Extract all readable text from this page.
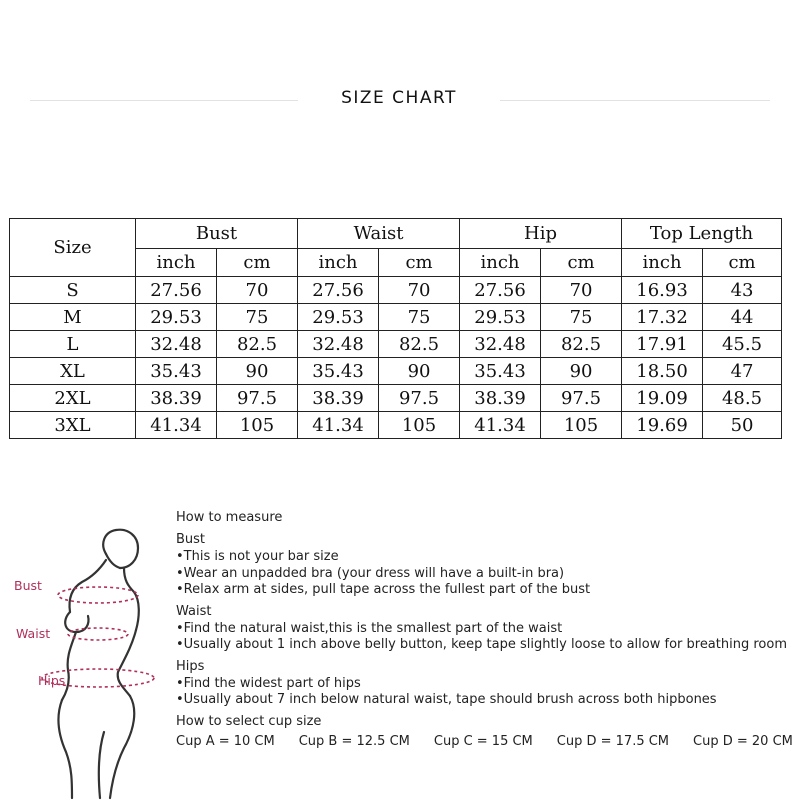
SIZE CHART
Size	Bust		Waist		Hip		Top Length	
	inch	cm	inch	cm	inch	cm	inch	cm
S	27.56	70	27.56	70	27.56	70	16.93	43
M	29.53	75	29.53	75	29.53	75	17.32	44
L	32.48	82.5	32.48	82.5	32.48	82.5	17.91	45.5
XL	35.43	90	35.43	90	35.43	90	18.50	47
2XL	38.39	97.5	38.39	97.5	38.39	97.5	19.09	48.5
3XL	41.34	105	41.34	105	41.34	105	19.69	50
Bust
Waist
Hips
How to measure
Bust
• This is not your bar size
• Wear an unpadded bra (your dress will have a built-in bra)
• Relax arm at sides, pull tape across the fullest part of the bust
Waist
• Find the natural waist,this is the smallest part of the waist
• Usually about 1 inch above belly button, keep tape slightly loose to allow for breathing room
Hips
• Find the widest part of hips
• Usually about 7 inch below natural waist, tape should brush across both hipbones
How to select cup size
Cup A = 10 CM Cup B = 12.5 CM Cup C = 15 CM Cup D = 17.5 CM Cup D = 20 CM
